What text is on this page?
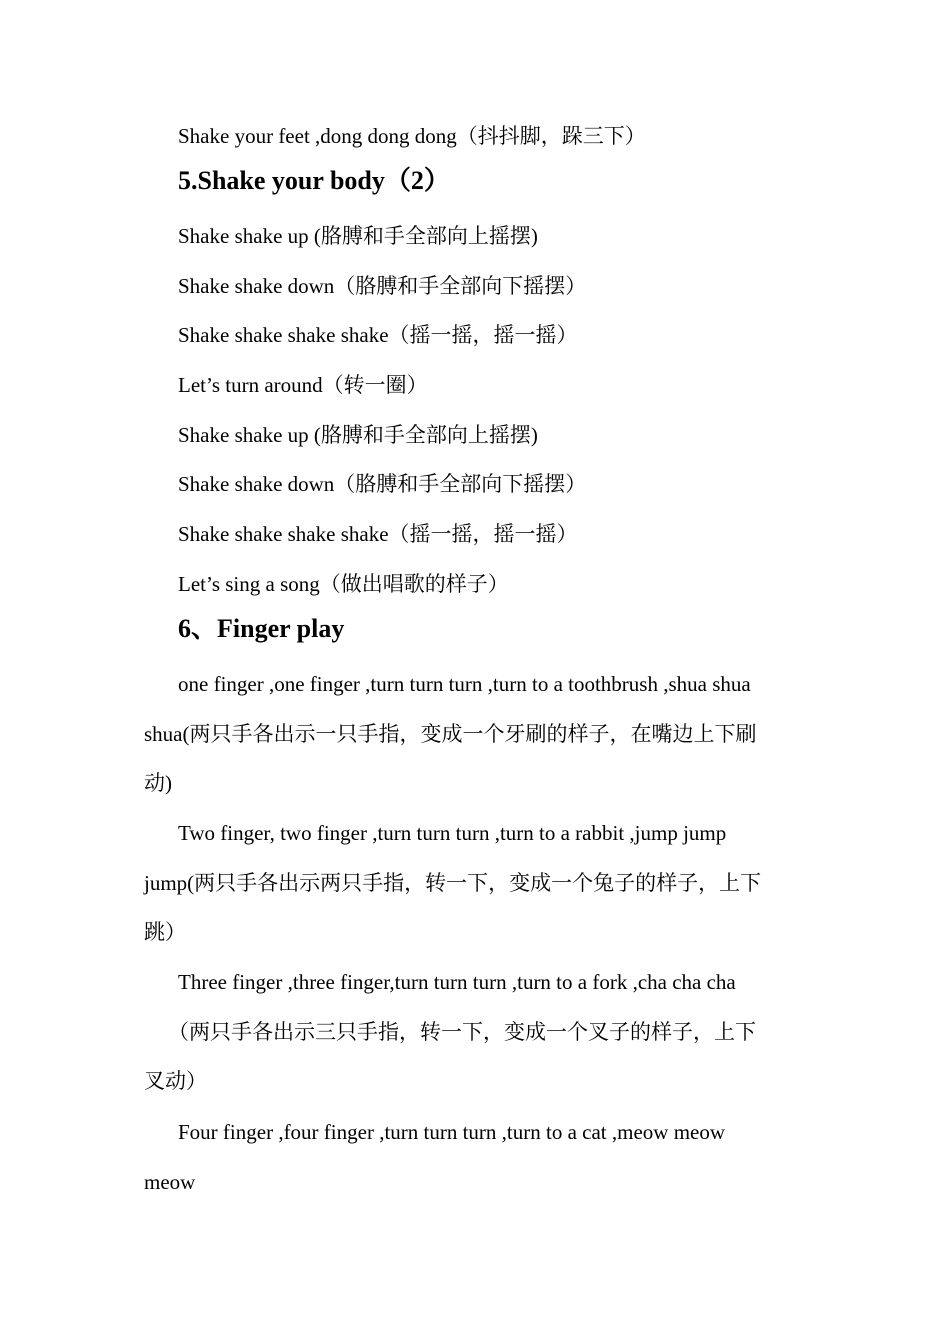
Shake your feet ,dong dong dong（抖抖脚，跺三下）
5.Shake your body（2）
Shake shake up (胳膊和手全部向上摇摆)
Shake shake down（胳膊和手全部向下摇摆）
Shake shake shake shake（摇一摇，摇一摇）
Let’s turn around（转一圈）
Shake shake up (胳膊和手全部向上摇摆)
Shake shake down（胳膊和手全部向下摇摆）
Shake shake shake shake（摇一摇，摇一摇）
Let’s sing a song（做出唱歌的样子）
6、Finger play
one finger ,one finger ,turn turn turn ,turn to a toothbrush ,shua shua
shua(两只手各出示一只手指，变成一个牙刷的样子，在嘴边上下刷
动)
Two finger, two finger ,turn turn turn ,turn to a rabbit ,jump jump
jump(两只手各出示两只手指，转一下，变成一个兔子的样子，上下
跳）
Three finger ,three finger,turn turn turn ,turn to a fork ,cha cha cha
（两只手各出示三只手指，转一下，变成一个叉子的样子，上下
叉动）
Four finger ,four finger ,turn turn turn ,turn to a cat ,meow meow
meow
